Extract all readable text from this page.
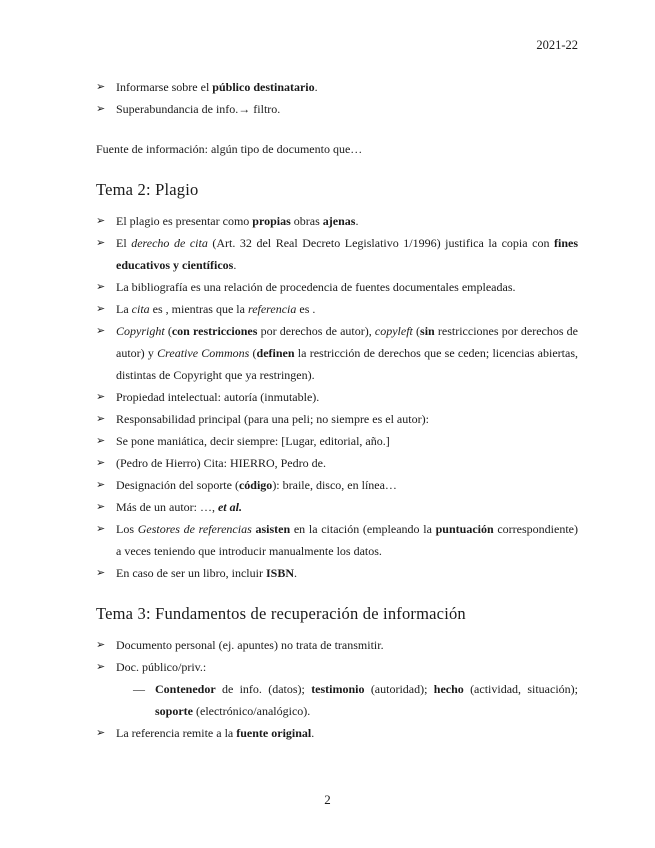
2021-22
➢ Informarse sobre el público destinatario.
➢ Superabundancia de info.→ filtro.
Fuente de información: algún tipo de documento que…
Tema 2: Plagio
➢ El plagio es presentar como propias obras ajenas.
➢ El derecho de cita (Art. 32 del Real Decreto Legislativo 1/1996) justifica la copia con fines educativos y científicos.
➢ La bibliografía es una relación de procedencia de fuentes documentales empleadas.
➢ La cita es , mientras que la referencia es .
➢ Copyright (con restricciones por derechos de autor), copyleft (sin restricciones por derechos de autor) y Creative Commons (definen la restricción de derechos que se ceden; licencias abiertas, distintas de Copyright que ya restringen).
➢ Propiedad intelectual: autoría (inmutable).
➢ Responsabilidad principal (para una peli; no siempre es el autor):
➢ Se pone maniática, decir siempre: [Lugar, editorial, año.]
➢ (Pedro de Hierro) Cita: HIERRO, Pedro de.
➢ Designación del soporte (código): braile, disco, en línea…
➢ Más de un autor: …, et al.
➢ Los Gestores de referencias asisten en la citación (empleando la puntuación correspondiente) a veces teniendo que introducir manualmente los datos.
➢ En caso de ser un libro, incluir ISBN.
Tema 3: Fundamentos de recuperación de información
➢ Documento personal (ej. apuntes) no trata de transmitir.
➢ Doc. público/priv.:
— Contenedor de info. (datos); testimonio (autoridad); hecho (actividad, situación); soporte (electrónico/analógico).
➢ La referencia remite a la fuente original.
2
